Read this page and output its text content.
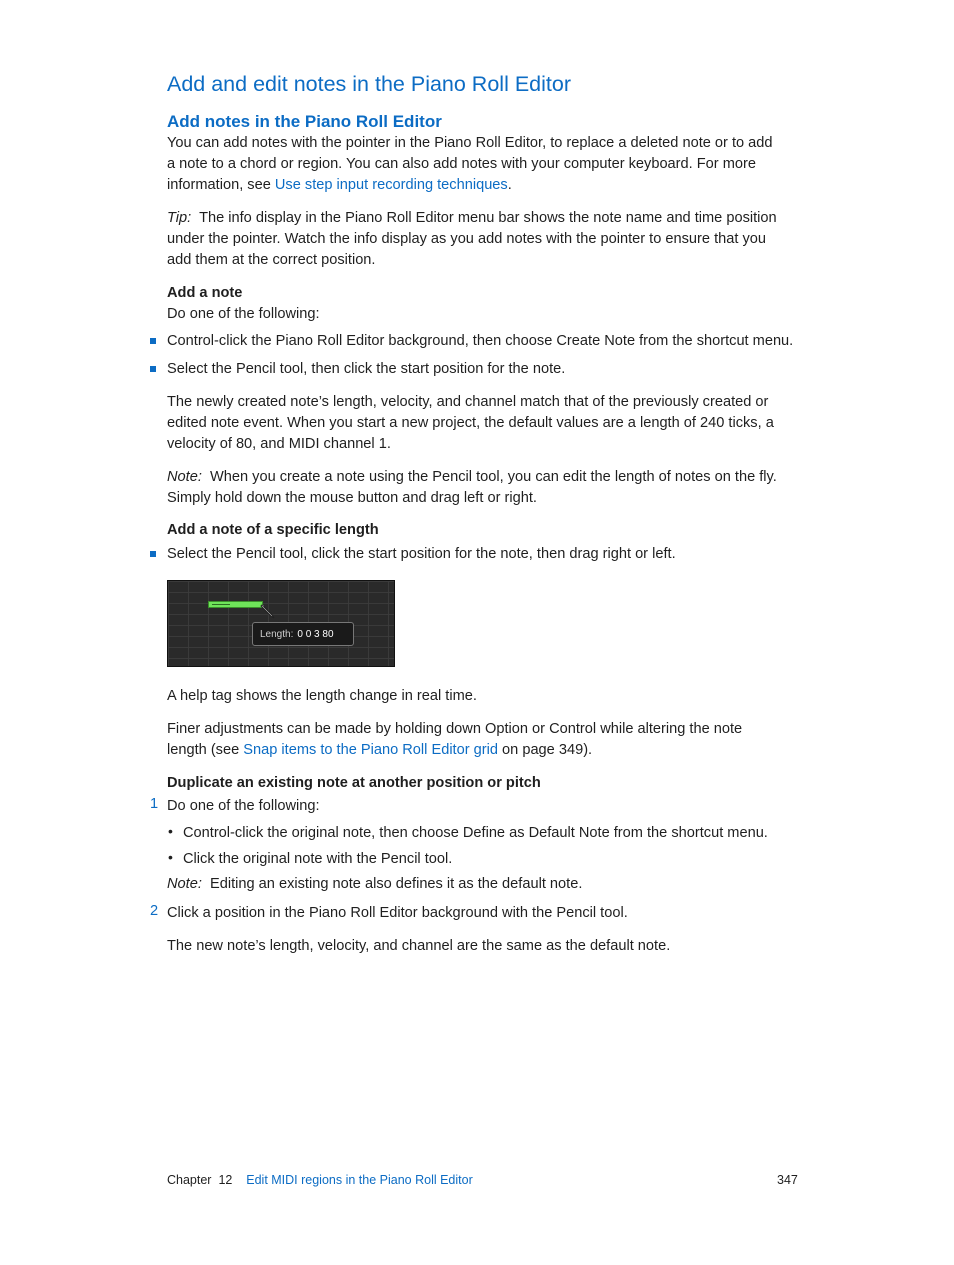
Add and edit notes in the Piano Roll Editor
Add notes in the Piano Roll Editor
You can add notes with the pointer in the Piano Roll Editor, to replace a deleted note or to add
a note to a chord or region. You can also add notes with your computer keyboard. For more
information, see Use step input recording techniques.
Tip: The info display in the Piano Roll Editor menu bar shows the note name and time position
under the pointer. Watch the info display as you add notes with the pointer to ensure that you
add them at the correct position.
Add a note
Do one of the following:
Control-click the Piano Roll Editor background, then choose Create Note from the shortcut menu.
Select the Pencil tool, then click the start position for the note.
The newly created note’s length, velocity, and channel match that of the previously created or
edited note event. When you start a new project, the default values are a length of 240 ticks, a
velocity of 80, and MIDI channel 1.
Note: When you create a note using the Pencil tool, you can edit the length of notes on the fly.
Simply hold down the mouse button and drag left or right.
Add a note of a specific length
Select the Pencil tool, click the start position for the note, then drag right or left.
Length: 0 0 3 80
A help tag shows the length change in real time.
Finer adjustments can be made by holding down Option or Control while altering the note
length (see Snap items to the Piano Roll Editor grid on page 349).
Duplicate an existing note at another position or pitch
1 Do one of the following:
• Control-click the original note, then choose Define as Default Note from the shortcut menu.
• Click the original note with the Pencil tool.
Note: Editing an existing note also defines it as the default note.
2 Click a position in the Piano Roll Editor background with the Pencil tool.
The new note’s length, velocity, and channel are the same as the default note.
Chapter 12 Edit MIDI regions in the Piano Roll Editor	347
